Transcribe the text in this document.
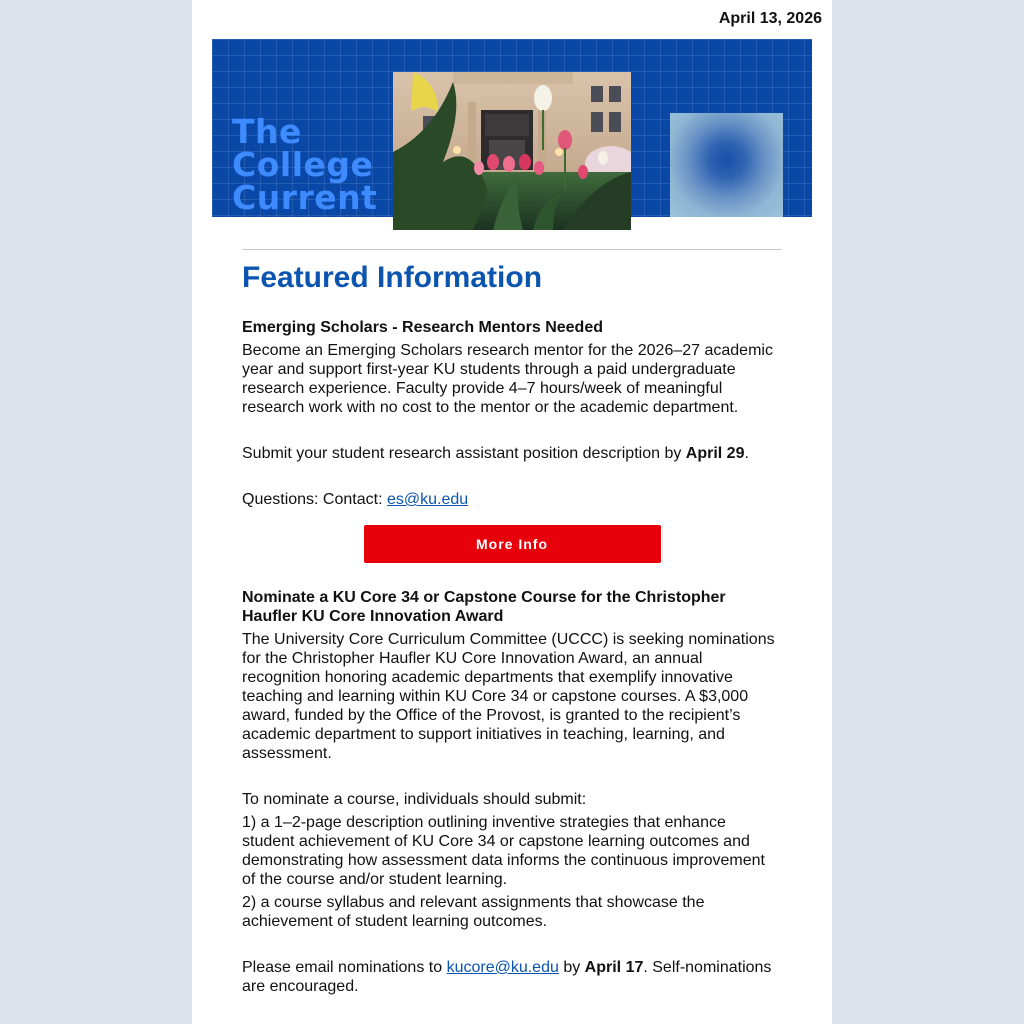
April 13, 2026
The
College
Current
Featured Information
Emerging Scholars - Research Mentors Needed

Become an Emerging Scholars research mentor for the 2026–27 academic year and support first-year KU students through a paid undergraduate research experience. Faculty provide 4–7 hours/week of meaningful research work with no cost to the mentor or the academic department.

Submit your student research assistant position description by April 29.

Questions: Contact: es@ku.edu

More Info
Nominate a KU Core 34 or Capstone Course for the Christopher Haufler KU Core Innovation Award

The University Core Curriculum Committee (UCCC) is seeking nominations for the Christopher Haufler KU Core Innovation Award, an annual recognition honoring academic departments that exemplify innovative teaching and learning within KU Core 34 or capstone courses. A $3,000 award, funded by the Office of the Provost, is granted to the recipient’s academic department to support initiatives in teaching, learning, and assessment.

To nominate a course, individuals should submit:

1) a 1–2-page description outlining inventive strategies that enhance student achievement of KU Core 34 or capstone learning outcomes and demonstrating how assessment data informs the continuous improvement of the course and/or student learning.

2) a course syllabus and relevant assignments that showcase the achievement of student learning outcomes.

Please email nominations to kucore@ku.edu by April 17. Self-nominations are encouraged.
